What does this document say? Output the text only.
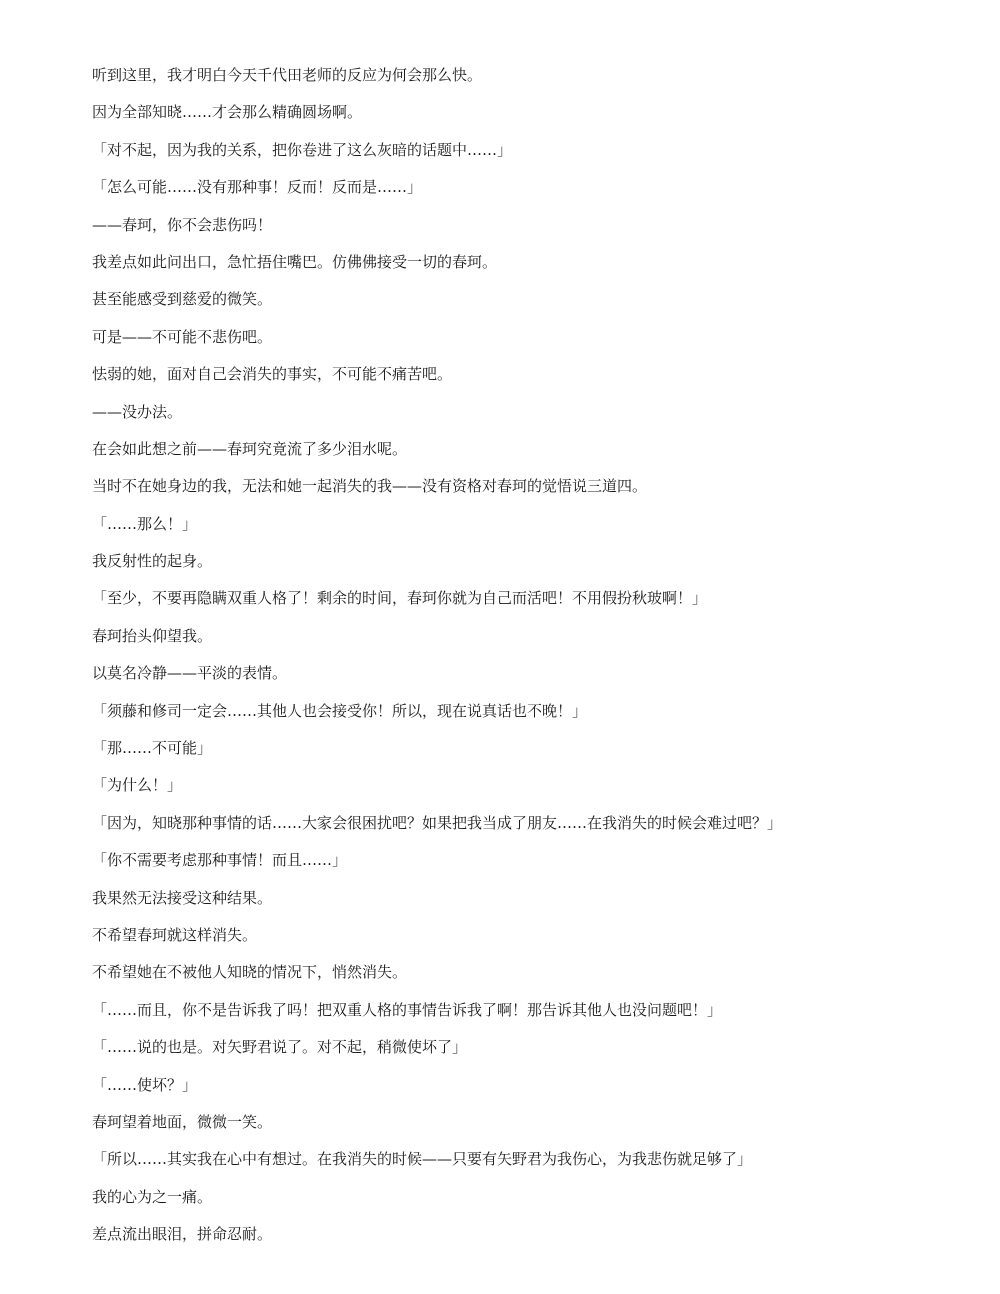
听到这里，我才明白今天千代田老师的反应为何会那么快。

因为全部知晓……才会那么精确圆场啊。

「对不起，因为我的关系，把你卷进了这么灰暗的话题中……」

「怎么可能……没有那种事！反而！反而是……」

——春珂，你不会悲伤吗！

我差点如此问出口，急忙捂住嘴巴。仿佛佛接受一切的春珂。

甚至能感受到慈爱的微笑。

可是——不可能不悲伤吧。

怯弱的她，面对自己会消失的事实，不可能不痛苦吧。

——没办法。

在会如此想之前——春珂究竟流了多少泪水呢。

当时不在她身边的我，无法和她一起消失的我——没有资格对春珂的觉悟说三道四。

「……那么！」

我反射性的起身。

「至少，不要再隐瞒双重人格了！剩余的时间，春珂你就为自己而活吧！不用假扮秋玻啊！」

春珂抬头仰望我。

以莫名冷静——平淡的表情。

「须藤和修司一定会……其他人也会接受你！所以，现在说真话也不晚！」

「那……不可能」

「为什么！」

「因为，知晓那种事情的话……大家会很困扰吧？如果把我当成了朋友……在我消失的时候会难过吧？」

「你不需要考虑那种事情！而且……」

我果然无法接受这种结果。

不希望春珂就这样消失。

不希望她在不被他人知晓的情况下，悄然消失。

「……而且，你不是告诉我了吗！把双重人格的事情告诉我了啊！那告诉其他人也没问题吧！」

「……说的也是。对矢野君说了。对不起，稍微使坏了」

「……使坏？」

春珂望着地面，微微一笑。

「所以……其实我在心中有想过。在我消失的时候——只要有矢野君为我伤心，为我悲伤就足够了」

我的心为之一痛。

差点流出眼泪，拼命忍耐。
